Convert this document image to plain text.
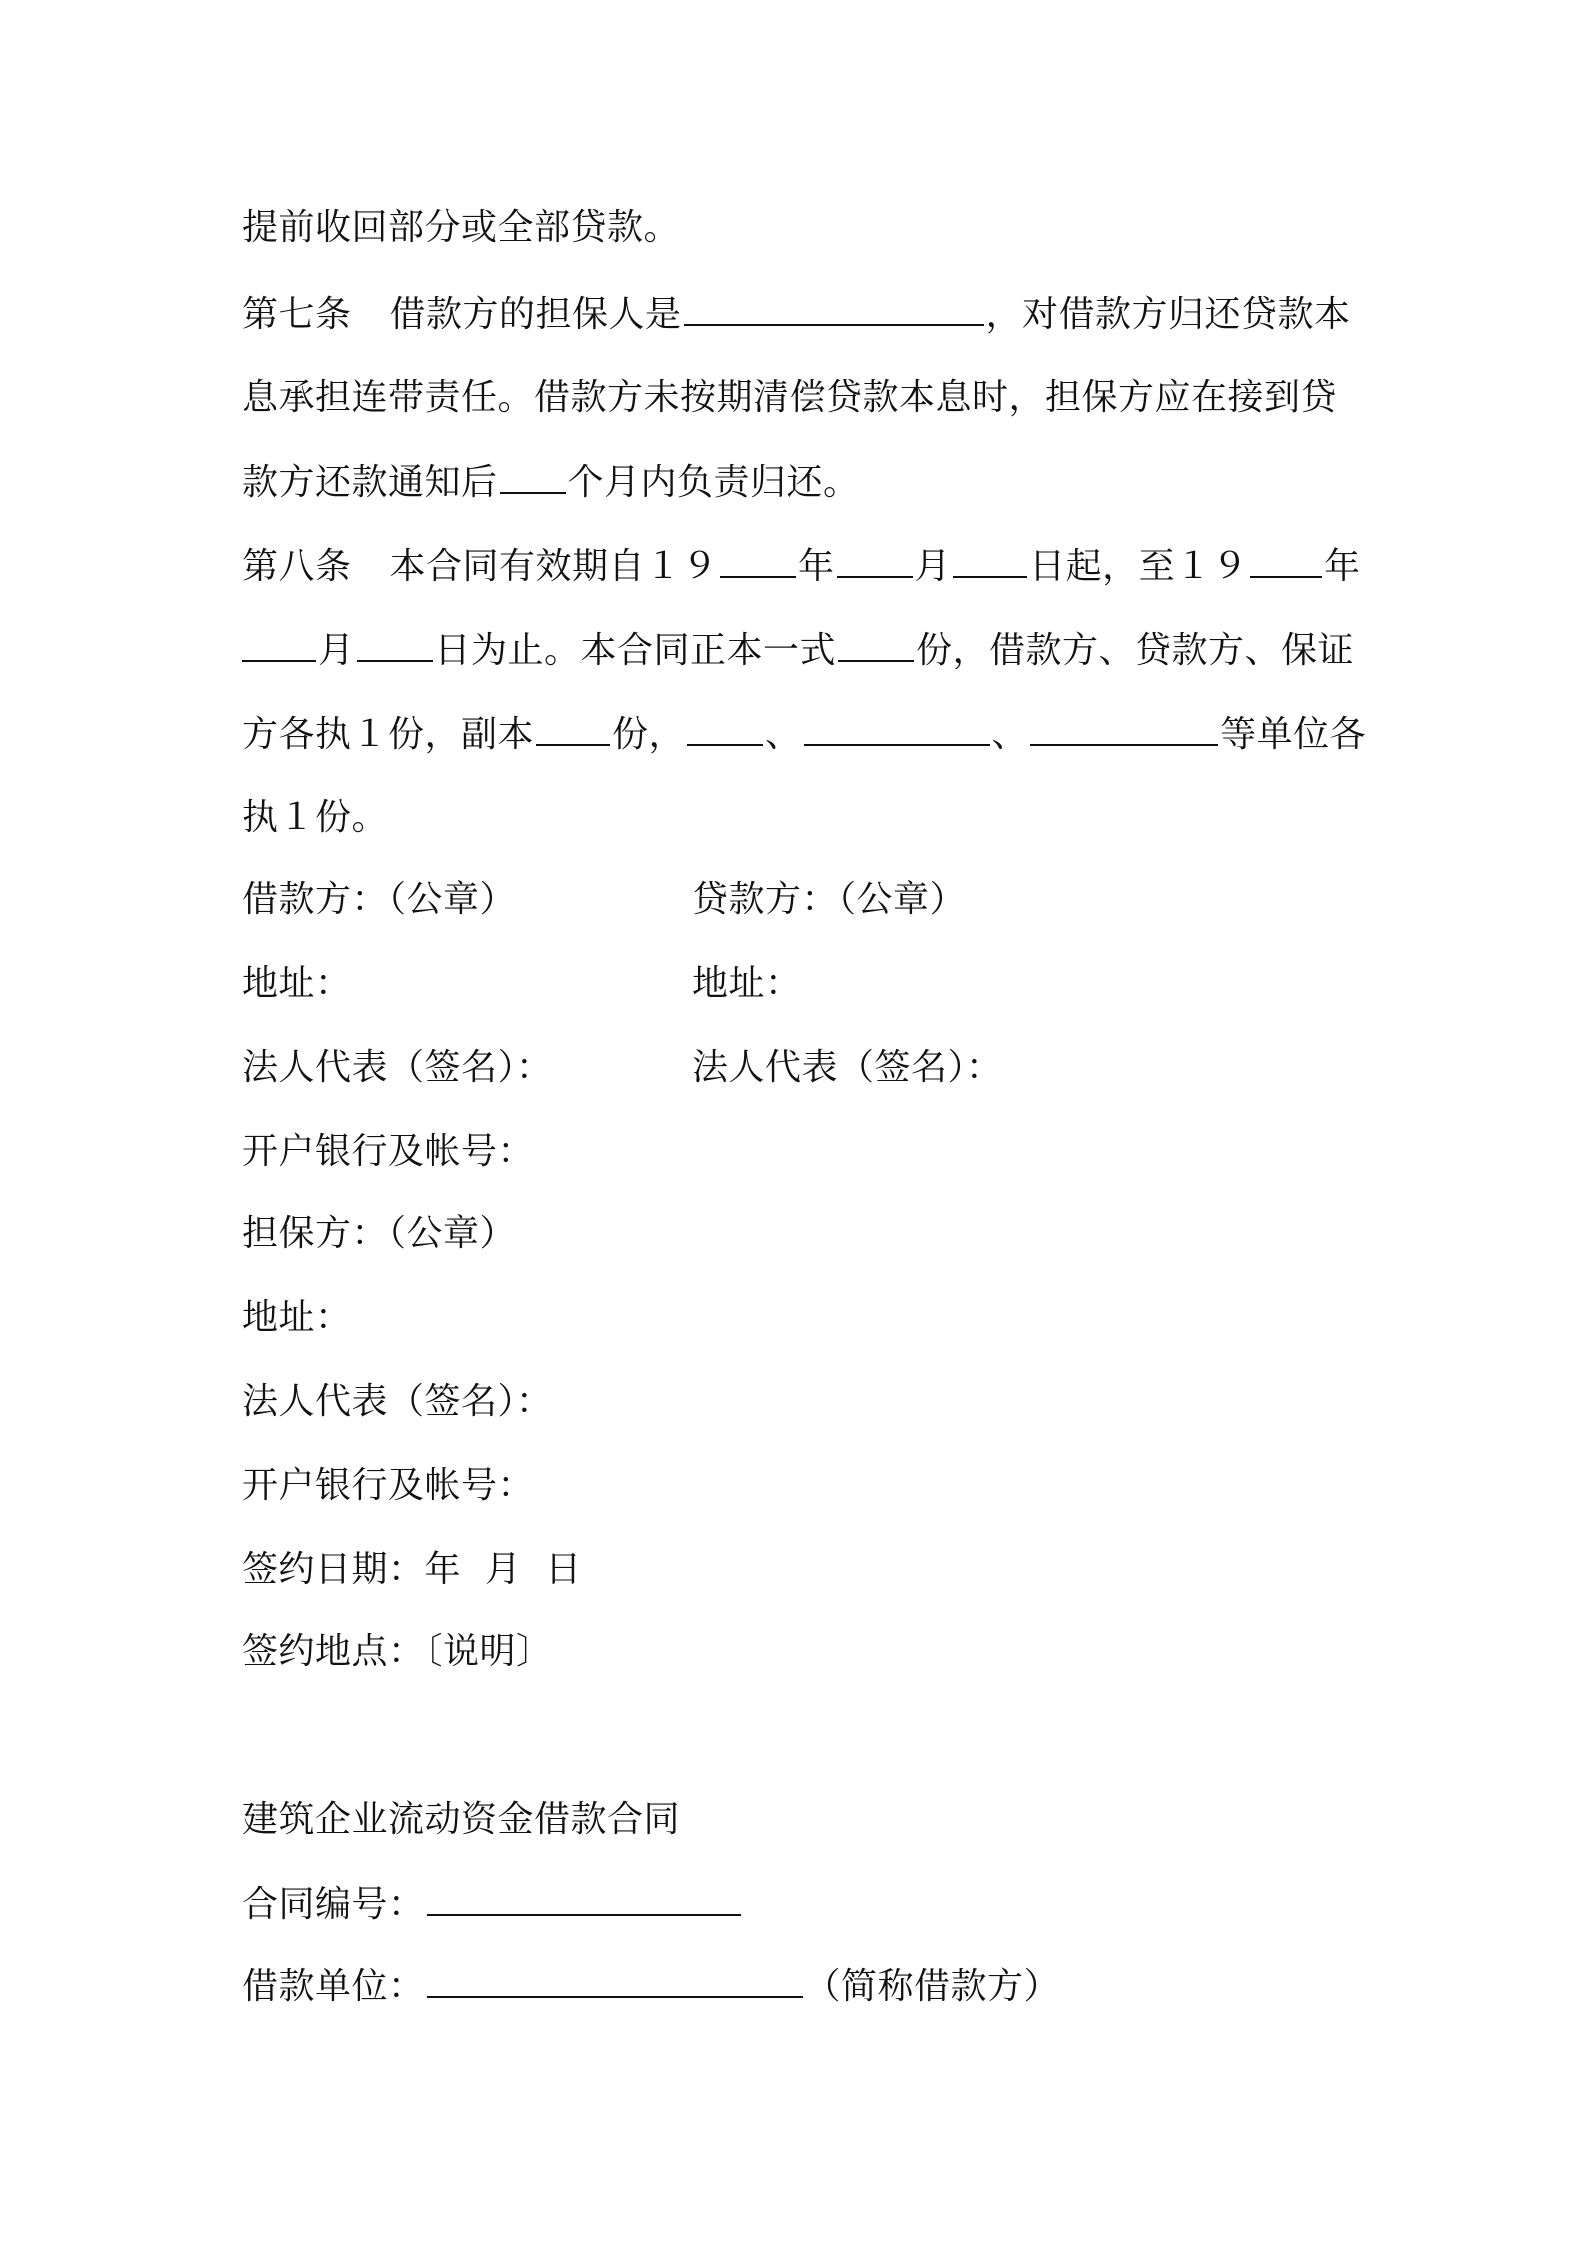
提前收回部分或全部贷款。
第七条 借款方的担保人是	，对借款方归还贷款本
息承担连带责任。借款方未按期清偿贷款本息时，担保方应在接到贷
款方还款通知后 个月内负责归还。
第八条 本合同有效期自１９ 年 月 日起，至１９ 年
月 日为止。本合同正本一式 份，借款方、贷款方、保证
方各执１份，副本 份， 、	、	等单位各
执１份。
借款方：（公章）	贷款方：（公章）
地址：	地址：
法人代表（签名）：	法人代表（签名）：
开户银行及帐号：
担保方：（公章）
地址：
法人代表（签名）：
开户银行及帐号：
签约日期：年  月  日
签约地点：〔说明〕
建筑企业流动资金借款合同
合同编号：
借款单位：	（简称借款方）
